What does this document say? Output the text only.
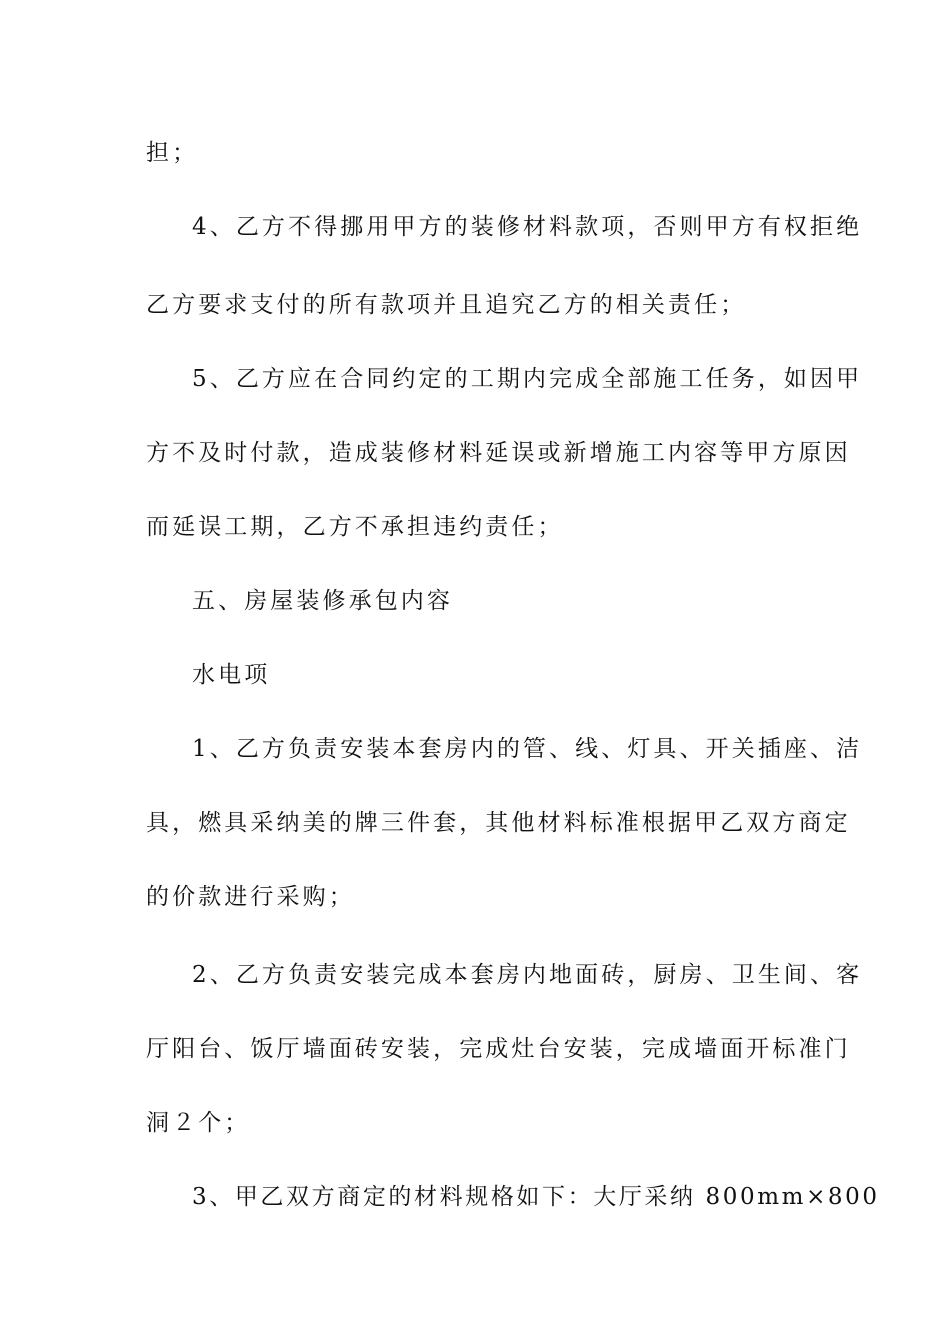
担；
4、乙方不得挪用甲方的装修材料款项，否则甲方有权拒绝
乙方要求支付的所有款项并且追究乙方的相关责任；
5、乙方应在合同约定的工期内完成全部施工任务，如因甲
方不及时付款，造成装修材料延误或新增施工内容等甲方原因
而延误工期，乙方不承担违约责任；
五、房屋装修承包内容
水电项
1、乙方负责安装本套房内的管、线、灯具、开关插座、洁
具，燃具采纳美的牌三件套，其他材料标准根据甲乙双方商定
的价款进行采购；
2、乙方负责安装完成本套房内地面砖，厨房、卫生间、客
厅阳台、饭厅墙面砖安装，完成灶台安装，完成墙面开标准门
洞２个；
3、甲乙双方商定的材料规格如下：大厅采纳 800mm×800
